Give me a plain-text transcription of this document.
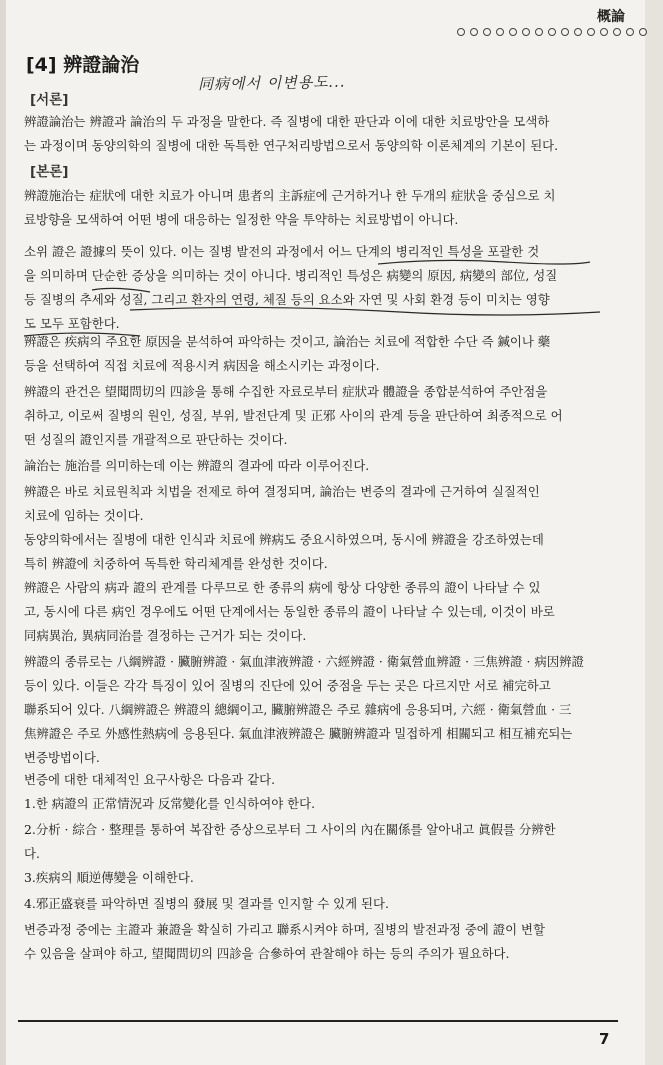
概論
[4] 辨證論治
同病에서 이변용도...
[서론]
[본론]
辨證論治는 辨證과 論治의 두 과정을 말한다. 즉 질병에 대한 판단과 이에 대한 치료방안을 모색하
는 과정이며 동양의학의 질병에 대한 독특한 연구처리방법으로서 동양의학 이론체계의 기본이 된다.
辨證施治는 症狀에 대한 치료가 아니며 患者의 主訴症에 근거하거나 한 두개의 症狀을 중심으로 치
료방향을 모색하여 어떤 병에 대응하는 일정한 약을 투약하는 치료방법이 아니다.
소위 證은 證據의 뜻이 있다. 이는 질병 발전의 과정에서 어느 단계의 병리적인 특성을 포괄한 것
을 의미하며 단순한 증상을 의미하는 것이 아니다. 병리적인 특성은 病變의 原因, 病變의 部位, 성질
등 질병의 추세와 성질, 그리고 환자의 연령, 체질 등의 요소와 자연 및 사회 환경 등이 미치는 영향
도 모두 포함한다.
辨證은 疾病의 주요한 原因을 분석하여 파악하는 것이고, 論治는 치료에 적합한 수단 즉 鍼이나 藥
등을 선택하여 직접 치료에 적용시켜 病因을 해소시키는 과정이다.
辨證의 관건은 望聞問切의 四診을 통해 수집한 자료로부터 症狀과 體證을 종합분석하여 주안점을
취하고, 이로써 질병의 원인, 성질, 부위, 발전단계 및 正邪 사이의 관계 등을 판단하여 최종적으로 어
떤 성질의 證인지를 개괄적으로 판단하는 것이다.
論治는 施治를 의미하는데 이는 辨證의 결과에 따라 이루어진다.
辨證은 바로 치료원칙과 치법을 전제로 하여 결정되며, 論治는 변증의 결과에 근거하여 실질적인
치료에 임하는 것이다.
동양의학에서는 질병에 대한 인식과 치료에 辨病도 중요시하였으며, 동시에 辨證을 강조하였는데
특히 辨證에 치중하여 독특한 학리체계를 완성한 것이다.
辨證은 사람의 病과 證의 관계를 다루므로 한 종류의 病에 항상 다양한 종류의 證이 나타날 수 있
고, 동시에 다른 病인 경우에도 어떤 단계에서는 동일한 종류의 證이 나타날 수 있는데, 이것이 바로
同病異治, 異病同治를 결정하는 근거가 되는 것이다.
辨證의 종류로는 八綱辨證 · 臟腑辨證 · 氣血津液辨證 · 六經辨證 · 衛氣營血辨證 · 三焦辨證 · 病因辨證
등이 있다. 이들은 각각 특징이 있어 질병의 진단에 있어 중점을 두는 곳은 다르지만 서로 補完하고
聯系되어 있다. 八綱辨證은 辨證의 總綱이고, 臟腑辨證은 주로 雜病에 응용되며, 六經 · 衛氣營血 · 三
焦辨證은 주로 外感性熱病에 응용된다. 氣血津液辨證은 臟腑辨證과 밀접하게 相關되고 相互補充되는
변증방법이다.
변증에 대한 대체적인 요구사항은 다음과 같다.
1.한 病證의 正常情況과 反常變化를 인식하여야 한다.
2.分析 · 綜合 · 整理를 통하여 복잡한 증상으로부터 그 사이의 內在關係를 알아내고 眞假를 分辨한
다.
3.疾病의 順逆傳變을 이해한다.
4.邪正盛衰를 파악하면 질병의 發展 및 결과를 인지할 수 있게 된다.
변증과정 중에는 主證과 兼證을 확실히 가리고 聯系시켜야 하며, 질병의 발전과정 중에 證이 변할
수 있음을 살펴야 하고, 望聞問切의 四診을 合參하여 관찰해야 하는 등의 주의가 필요하다.
7
